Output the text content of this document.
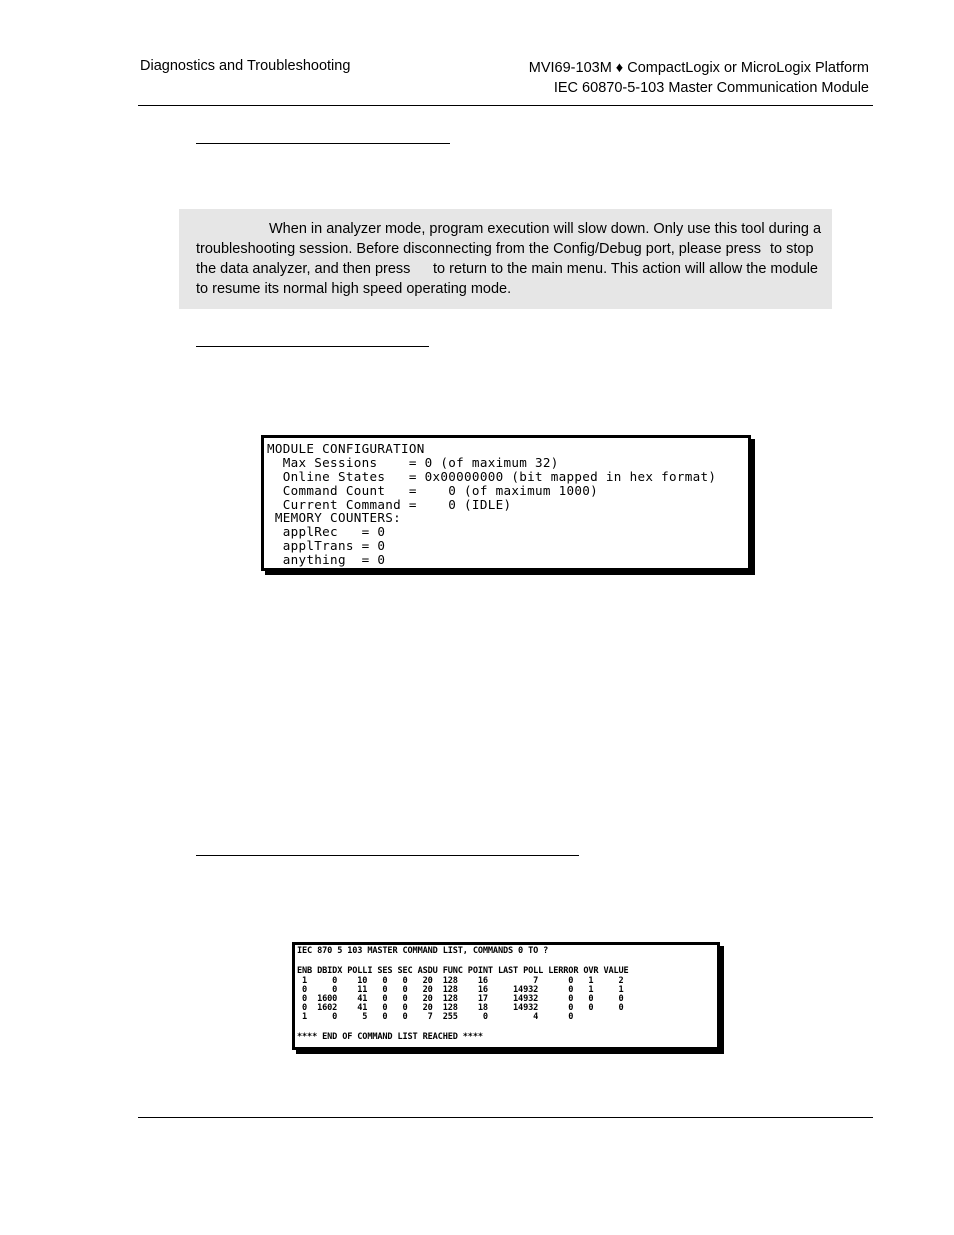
Diagnostics and Troubleshooting	MVI69-103M ♦ CompactLogix or MicroLogix Platform
IEC 60870-5-103 Master Communication Module
When in analyzer mode, program execution will slow down. Only use this tool during a
troubleshooting session. Before disconnecting from the Config/Debug port, please press to stop
the data analyzer, and then press to return to the main menu. This action will allow the module
to resume its normal high speed operating mode.
MODULE CONFIGURATION
Max Sessions    = 0 (of maximum 32)
Online States   = 0x00000000 (bit mapped in hex format)
Command Count   =    0 (of maximum 1000)
Current Command =    0 (IDLE)
MEMORY COUNTERS:
applRec   = 0
applTrans = 0
anything  = 0
IEC 870 5 103 MASTER COMMAND LIST, COMMANDS 0 TO ?
ENB DBIDX POLLI SES SEC ASDU FUNC POINT LAST POLL LERROR OVR VALUE
1     0    10   0   0   20  128    16         7      0   1     2
0     0    11   0   0   20  128    16     14932      0   1     1
0  1600    41   0   0   20  128    17     14932      0   0     0
0  1602    41   0   0   20  128    18     14932      0   0     0
1     0     5   0   0    7  255     0         4      0
**** END OF COMMAND LIST REACHED ****
